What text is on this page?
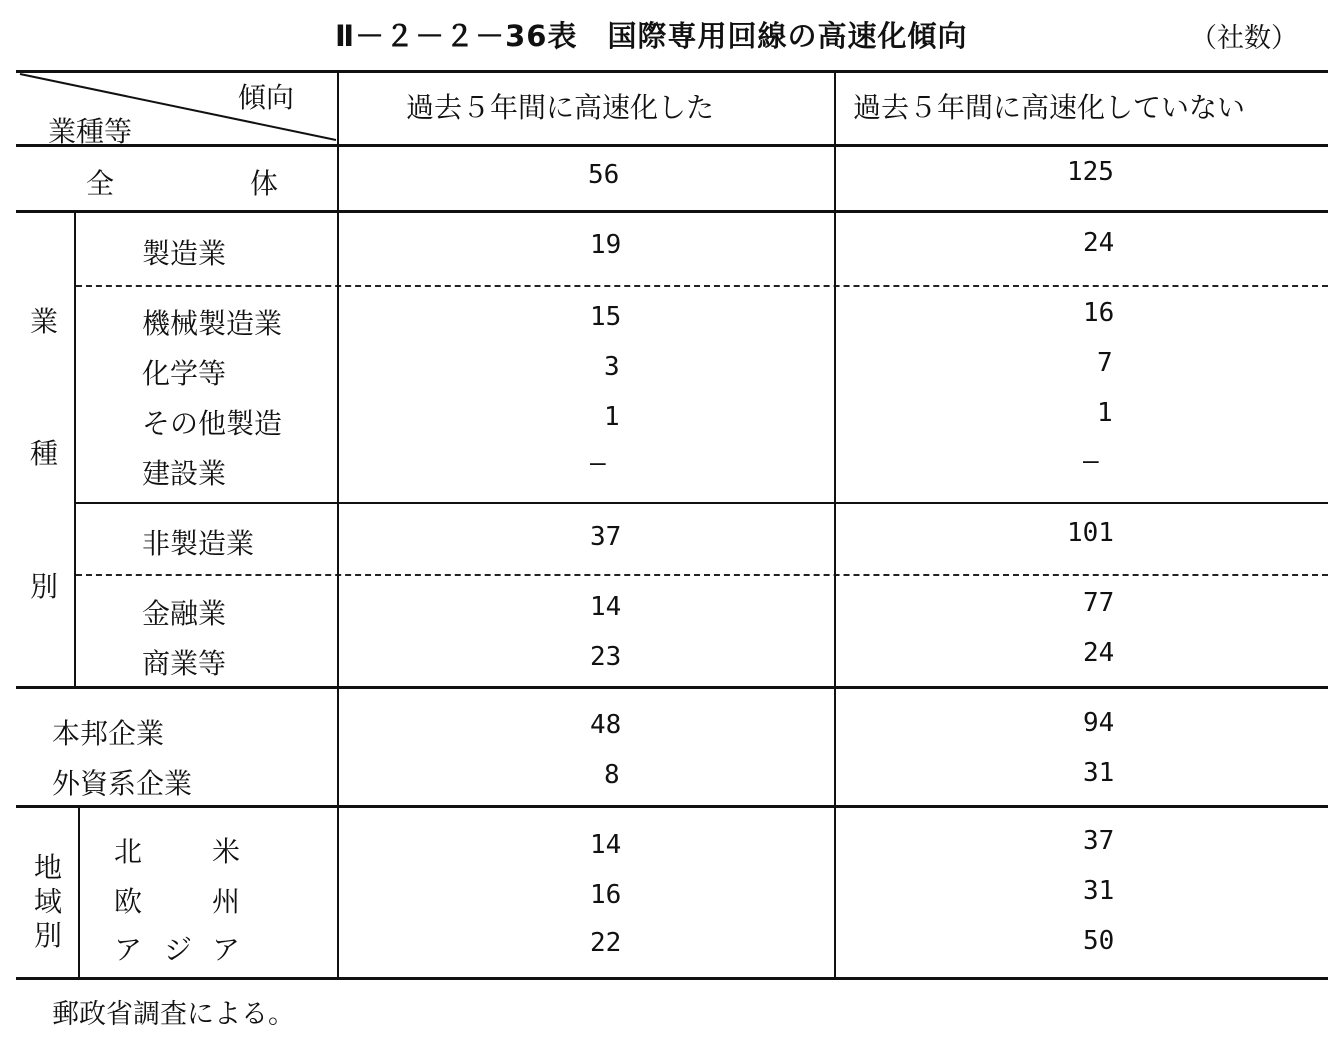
Ⅱ－２－２－36表　国際専用回線の高速化傾向	（社数）
傾向
業種等
過去５年間に高速化した	過去５年間に高速化していない
全	体	56	125
業
種
別
製造業	19	24
機械製造業	15	16
化学等	3	7
その他製造	1	1
建設業	—	—
非製造業	37	101
金融業	14	77
商業等	23	24
本邦企業	48	94
外資系企業	8	31
地
域
別
北 米	14	37
欧 州	16	31
ア ジ ア	22	50
郵政省調査による。
